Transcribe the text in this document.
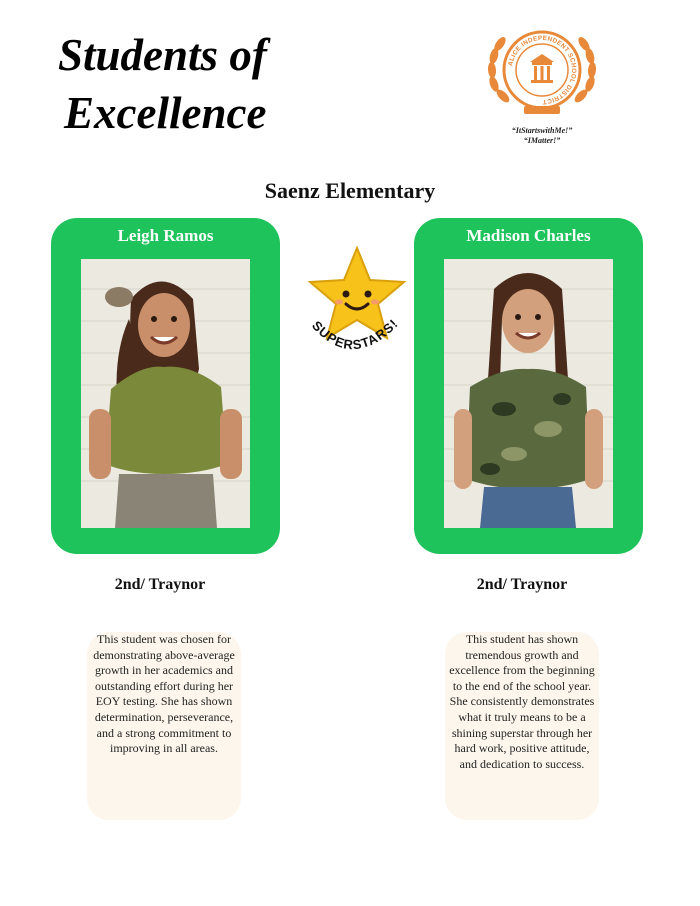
Students of
Excellence
ALICE INDEPENDENT SCHOOL DISTRICT
“ItStartswithMe!”
“IMatter!”
Saenz Elementary
Leigh Ramos
SUPERSTARS!
Madison Charles
2nd/ Traynor	2nd/ Traynor
This student was chosen for demonstrating above-average growth in her academics and outstanding effort during her EOY testing. She has shown determination, perseverance, and a strong commitment to improving in all areas.
This student has shown tremendous growth and excellence from the beginning to the end of the school year. She consistently demonstrates what it truly means to be a shining superstar through her hard work, positive attitude, and dedication to success.
